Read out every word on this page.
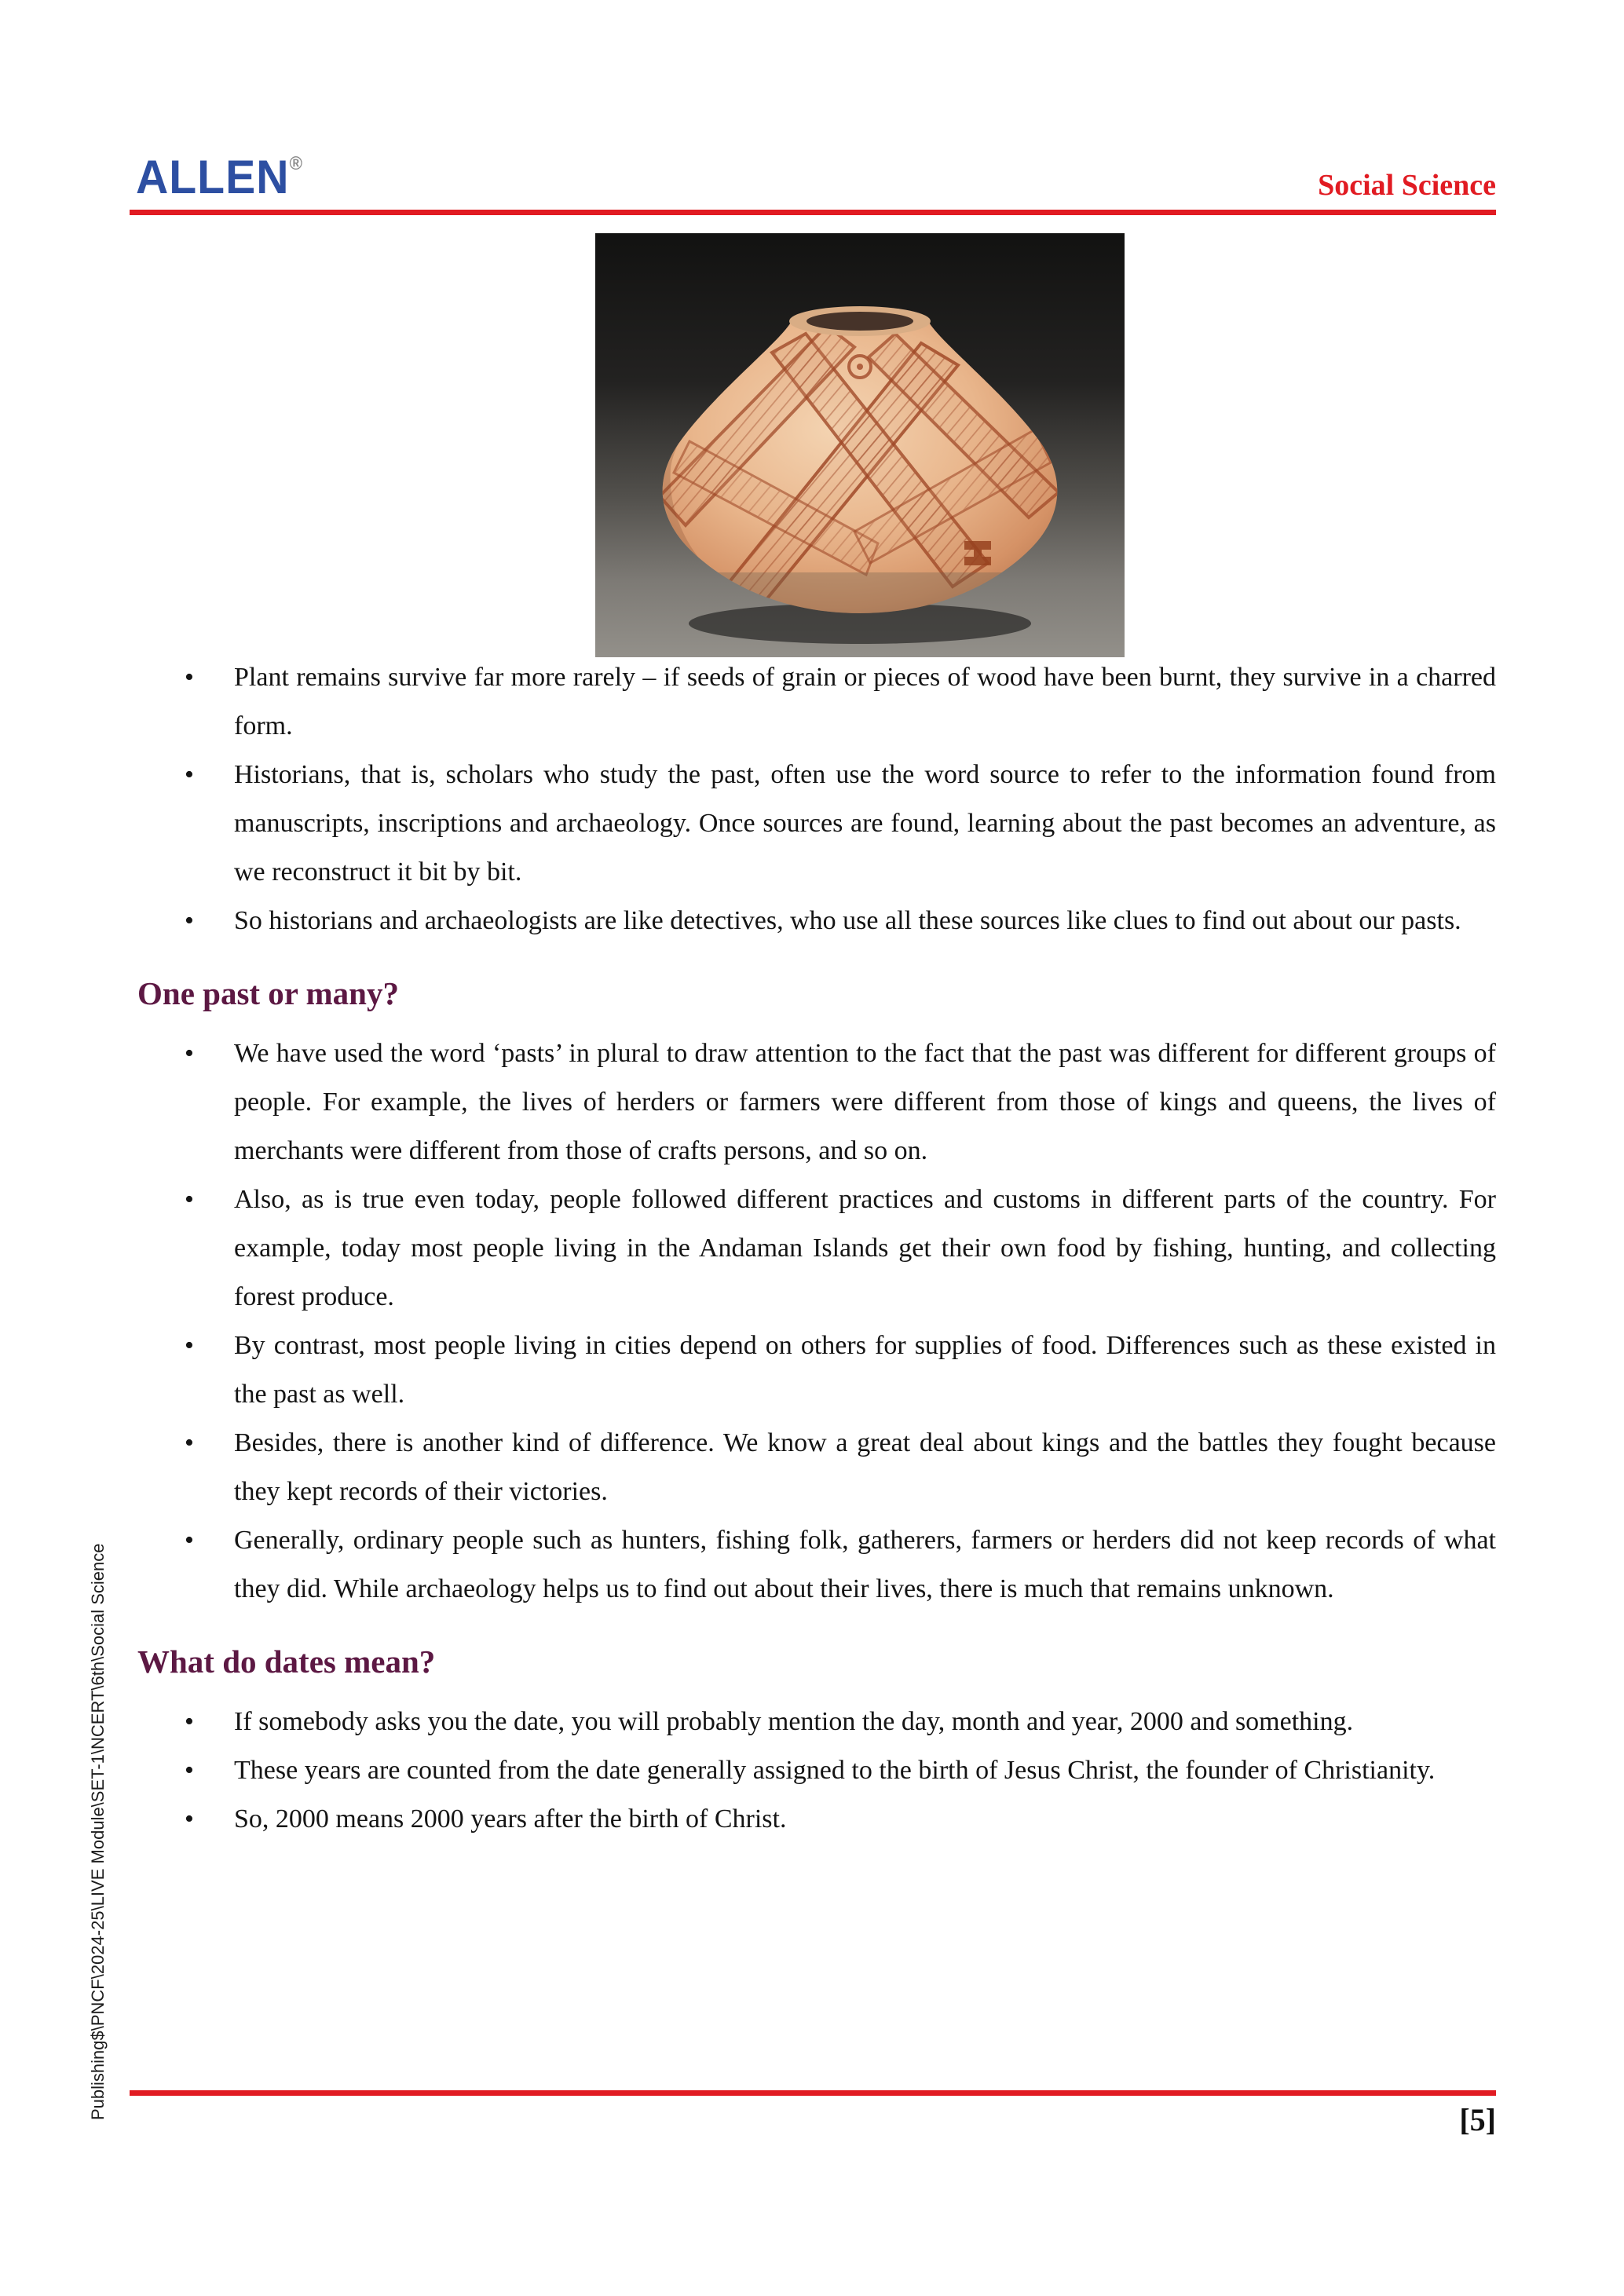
ALLEN®
Social Science
• Plant remains survive far more rarely – if seeds of grain or pieces of wood have been burnt, they survive in a charred form.

• Historians, that is, scholars who study the past, often use the word source to refer to the information found from manuscripts, inscriptions and archaeology. Once sources are found, learning about the past becomes an adventure, as we reconstruct it bit by bit.

• So historians and archaeologists are like detectives, who use all these sources like clues to find out about our pasts.

One past or many?
• We have used the word ‘pasts’ in plural to draw attention to the fact that the past was different for different groups of people. For example, the lives of herders or farmers were different from those of kings and queens, the lives of merchants were different from those of crafts persons, and so on.

• Also, as is true even today, people followed different practices and customs in different parts of the country. For example, today most people living in the Andaman Islands get their own food by fishing, hunting, and collecting forest produce.

• By contrast, most people living in cities depend on others for supplies of food. Differences such as these existed in the past as well.

• Besides, there is another kind of difference. We know a great deal about kings and the battles they fought because they kept records of their victories.

• Generally, ordinary people such as hunters, fishing folk, gatherers, farmers or herders did not keep records of what they did. While archaeology helps us to find out about their lives, there is much that remains unknown.

What do dates mean?
• If somebody asks you the date, you will probably mention the day, month and year, 2000 and something.

• These years are counted from the date generally assigned to the birth of Jesus Christ, the founder of Christianity.

• So, 2000 means 2000 years after the birth of Christ.

Publishing$\PNCF\2024-25\LIVE Module\SET-1\NCERT\6th\Social Science	[5]
